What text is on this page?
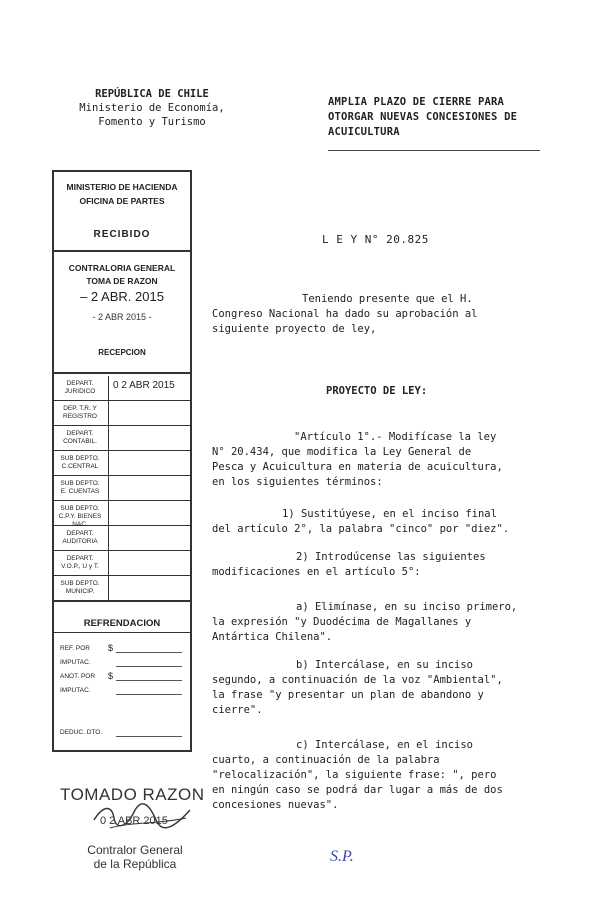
REPÚBLICA DE CHILE
Ministerio de Economía,
Fomento y Turismo
AMPLIA PLAZO DE CIERRE PARA
OTORGAR NUEVAS CONCESIONES DE
ACUICULTURA
MINISTERIO DE HACIENDA
OFICINA DE PARTES
RECIBIDO
CONTRALORIA GENERAL
TOMA DE RAZON
– 2 ABR. 2015
- 2 ABR 2015 -
RECEPCION
DEPART. JURIDICO
0 2 ABR 2015
DEP. T.R. Y REGISTRO
DEPART. CONTABIL.
SUB DEPTO. C.CENTRAL
SUB DEPTO. E. CUENTAS
SUB DEPTO. C.P.Y. BIENES NAC.
DEPART. AUDITORIA
DEPART. V.O.P., U y T.
SUB DEPTO. MUNICIP.
REFRENDACION
REF. POR $
IMPUTAC.
ANOT. POR $
IMPUTAC.
DEDUC. DTO.
L E Y N° 20.825
Teniendo presente que el H.
Congreso Nacional ha dado su aprobación al
siguiente proyecto de ley,
PROYECTO DE LEY:
"Artículo 1°.- Modifícase la ley
N° 20.434, que modifica la Ley General de
Pesca y Acuicultura en materia de acuicultura,
en los siguientes términos:
1) Sustitúyese, en el inciso final
del artículo 2°, la palabra "cinco" por "diez".
2) Introdúcense las siguientes
modificaciones en el artículo 5°:
a) Elimínase, en su inciso primero,
la expresión "y Duodécima de Magallanes y
Antártica Chilena".
b) Intercálase, en su inciso
segundo, a continuación de la voz "Ambiental",
la frase "y presentar un plan de abandono y
cierre".
c) Intercálase, en el inciso
cuarto, a continuación de la palabra
"relocalización", la siguiente frase: ", pero
en ningún caso se podrá dar lugar a más de dos
concesiones nuevas".
TOMADO RAZON
0 2 ABR 2015
Contralor General
de la República	S.P.
